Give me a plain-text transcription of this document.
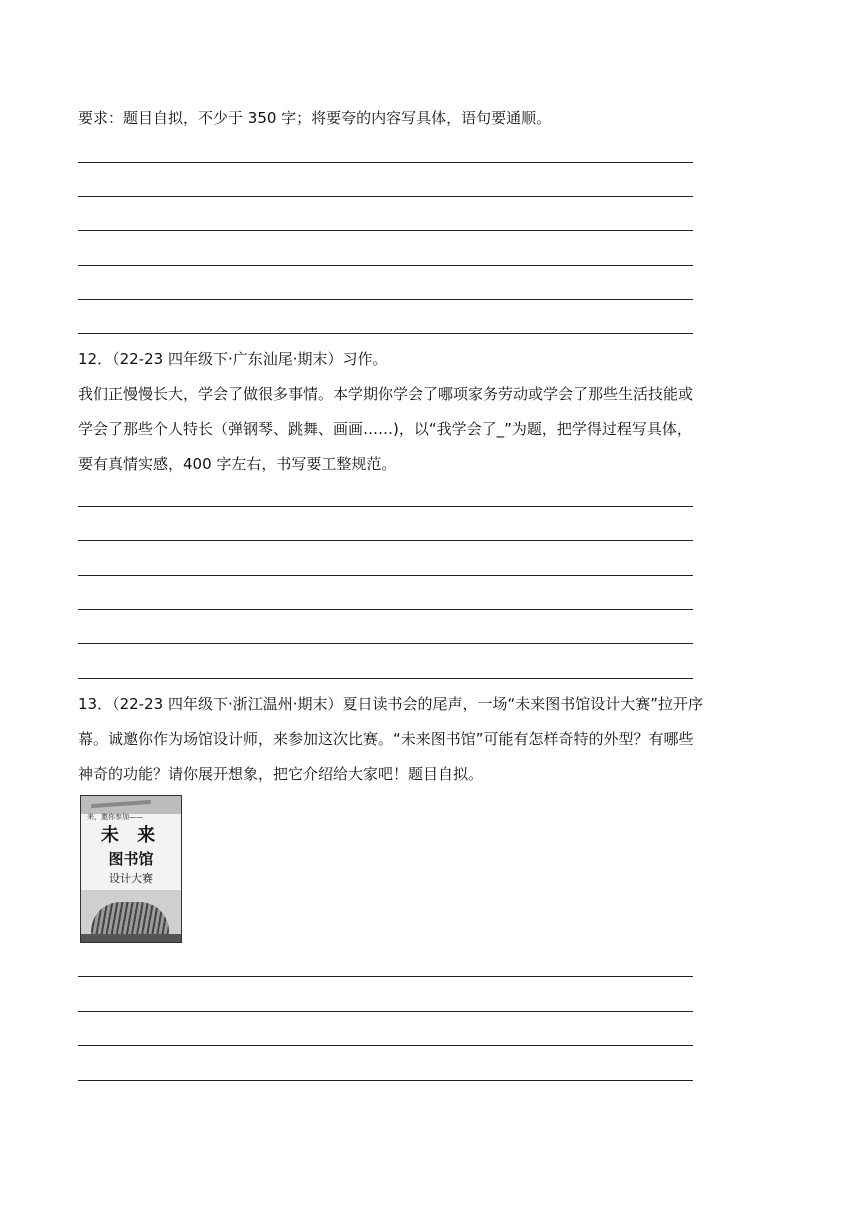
要求：题目自拟，不少于 350 字；将要夸的内容写具体，语句要通顺。
12．（22-23 四年级下·广东汕尾·期末）习作。
我们正慢慢长大，学会了做很多事情。本学期你学会了哪项家务劳动或学会了那些生活技能或
学会了那些个人特长（弹钢琴、跳舞、画画……)，以“我学会了_”为题，把学得过程写具体，
要有真情实感，400 字左右，书写要工整规范。
13．（22-23 四年级下·浙江温州·期末）夏日读书会的尾声，一场“未来图书馆设计大赛”拉开序
幕。诚邀你作为场馆设计师，来参加这次比赛。“未来图书馆”可能有怎样奇特的外型？有哪些
神奇的功能？请你展开想象，把它介绍给大家吧！题目自拟。
来，邀你参加——
未 来
图书馆
设计大赛
